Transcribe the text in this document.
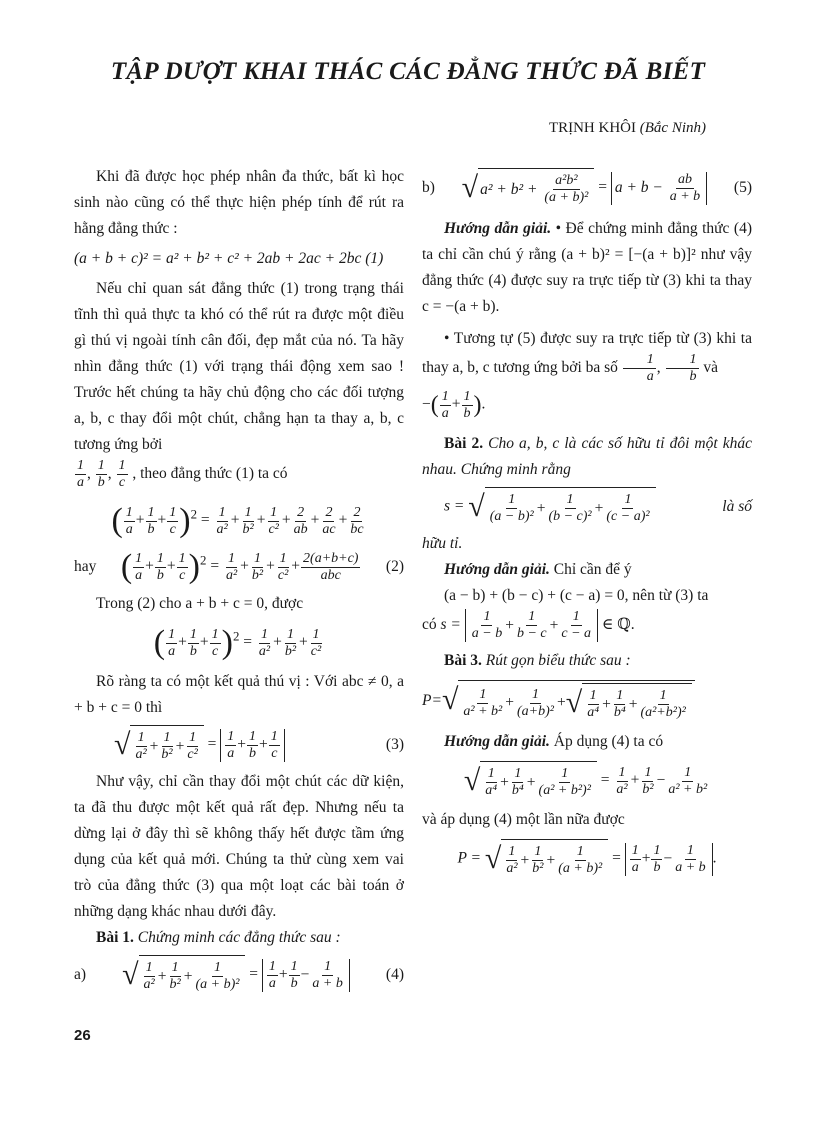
TẬP DƯỢT KHAI THÁC CÁC ĐẲNG THỨC ĐÃ BIẾT
TRỊNH KHÔI (Bắc Ninh)

Khi đã được học phép nhân đa thức, bất kì học sinh nào cũng có thể thực hiện phép tính để rút ra hằng đẳng thức :

(a + b + c)² = a² + b² + c² + 2ab + 2ac + 2bc (1)

Nếu chỉ quan sát đẳng thức (1) trong trạng thái tĩnh thì quả thực ta khó có thể rút ra được một điều gì thú vị ngoài tính cân đối, đẹp mắt của nó. Ta hãy nhìn đẳng thức (1) với trạng thái động xem sao ! Trước hết chúng ta hãy chủ động cho các đối tượng a, b, c thay đổi một chút, chẳng hạn ta thay a, b, c tương ứng bởi

$\frac{1}{a}$ , $\frac{1}{b}$ , $\frac{1}{c}$ , theo đẳng thức (1) ta có

( $\frac{1}{a} + \frac{1}{b} + \frac{1}{c} )^2 = \frac{1}{\text{a²}} + \frac{1}{\text{b²}} + \frac{1}{\text{c²}} + \frac{2}{ab} + \frac{2}{ac} + \frac{2}{bc}$
hay ( $\frac{1}{a} + \frac{1}{b} + \frac{1}{c} )^2 = \frac{1}{\text{a²}} + \frac{1}{\text{b²}} + \frac{1}{\text{c²}} + \frac{2(a+b+c)}{\text{abc}} (2)$

Trong (2) cho a + b + c = 0, được

( $\frac{1}{a} + \frac{1}{b} + \frac{1}{c} )^2 = \frac{1}{\text{a²}} + \frac{1}{\text{b²}} + \frac{1}{\text{c²}}$

Rõ ràng ta có một kết quả thú vị : Với abc ≠ 0, a + b + c = 0 thì

√ $\frac{1}{\text{a²}} + \frac{1}{\text{b²}} + \frac{1}{\text{c²}} = \frac{1}{a} + \frac{1}{b} + \frac{1}{c}$	(3)

Như vậy, chỉ cần thay đổi một chút các dữ kiện, ta đã thu được một kết quả rất đẹp. Nhưng nếu ta dừng lại ở đây thì sẽ không thấy hết được tầm ứng dụng của kết quả mới. Chúng ta thử cùng xem vai trò của đẳng thức (3) qua một loạt các bài toán ở những dạng khác nhau dưới đây.

Bài 1. Chứng minh các đẳng thức sau :

a) √ $\frac{1}{\text{a²}} + \frac{1}{\text{b²}} + \frac{1}{\text{(a + b)²}} = \frac{1}{a} + \frac{1}{b} - \frac{1}{a + b}$	(4)
b) √ a² + b² +
$\frac{\text{a²b²}}{\text{(a + b)²}} = a + b$ −
$\frac{ab}{a + b} (5)$

Hướng dẫn giải. • Để chứng minh đẳng thức (4) ta chỉ cần chú ý rằng (a + b)² = [−(a + b)]² như vậy đẳng thức (4) được suy ra trực tiếp từ (3) khi ta thay c = −(a + b).

• Tương tự (5) được suy ra trực tiếp từ (3) khi ta thay a, b, c tương ứng bởi ba số $\frac{1}{a}$ , $\frac{1}{b}$ và

−( $\frac{1}{a} + \frac{1}{b}$ ).

Bài 2. Cho a, b, c là các số hữu tỉ đôi một khác nhau. Chứng minh rằng

s = √ $\frac{1}{\text{(a − b)²}} + \frac{1}{\text{(b − c)²}} + \frac{1}{\text{(c − a)²}}$	là số

hữu tỉ.

Hướng dẫn giải. Chỉ cần để ý

(a − b) + (b − c) + (c − a) = 0, nên từ (3) ta

có $s = \frac{1}{a - b} + \frac{1}{b - c} + \frac{1}{c - a}$ ∈ ℚ.

Bài 3. Rút gọn biểu thức sau :

P= √ $\frac{1}{\text{a² + b²}} + \frac{1}{\text{(a+b)²}}$ + √ $\frac{1}{\text{a⁴}} + \frac{1}{\text{b⁴}} + \frac{1}{\text{(a²+b²)²}}$

Hướng dẫn giải. Áp dụng (4) ta có

√ $\frac{1}{\text{a⁴}} + \frac{1}{\text{b⁴}} + \frac{1}{\text{(a² + b²)²}} = \frac{1}{\text{a²}} + \frac{1}{\text{b²}} - \frac{1}{\text{a² + b²}}$

và áp dụng (4) một lần nữa được

P = √ $\frac{1}{\text{a²}} + \frac{1}{\text{b²}} + \frac{1}{\text{(a + b)²}} = \frac{1}{a} + \frac{1}{b} - \frac{1}{a + b}$ .
26
